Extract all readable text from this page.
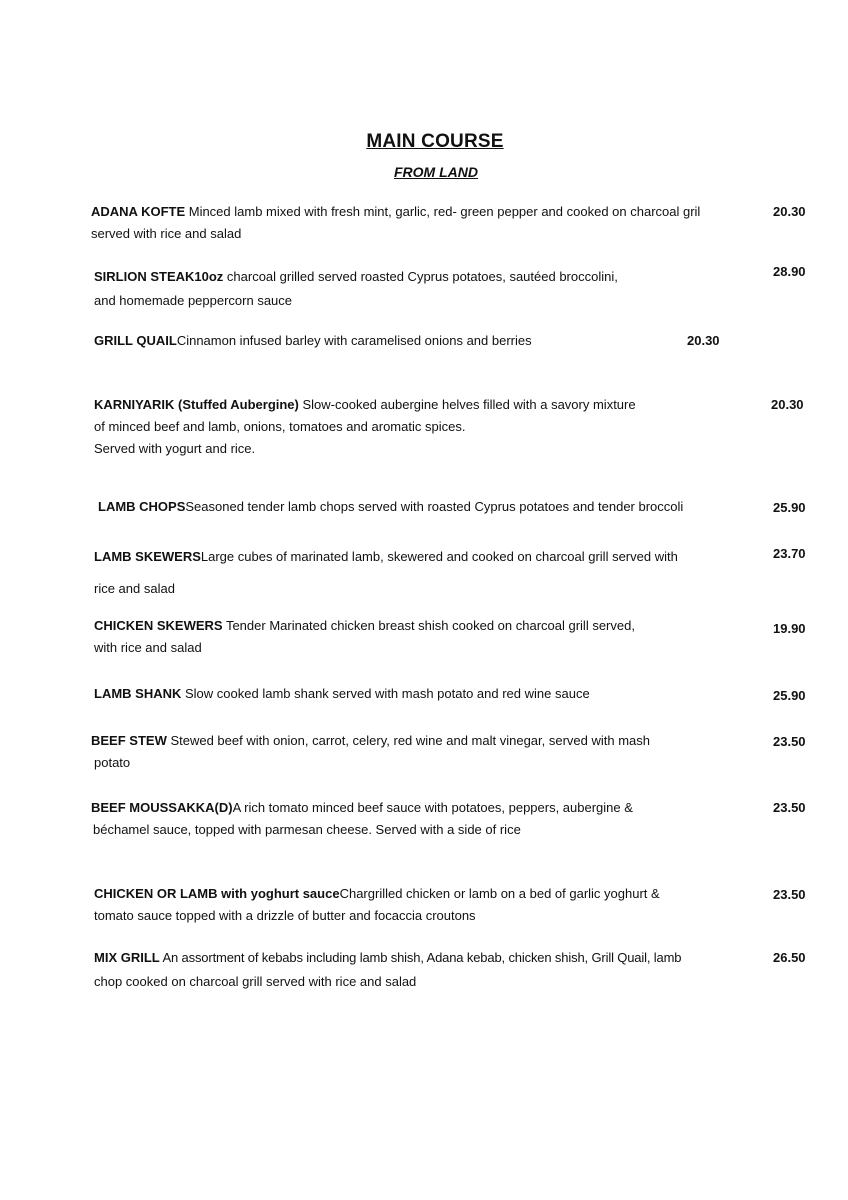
MAIN COURSE
FROM LAND
ADANA KOFTE Minced lamb mixed with fresh mint, garlic, red- green pepper and cooked on charcoal gril
served with rice and salad
20.30
SIRLION STEAK10oz charcoal grilled served roasted Cyprus potatoes, sautéed broccolini,
and homemade peppercorn sauce
28.90
GRILL QUAILCinnamon infused barley with caramelised onions and berries	20.30
KARNIYARIK (Stuffed Aubergine) Slow-cooked aubergine helves filled with a savory mixture
of minced beef and lamb, onions, tomatoes and aromatic spices.
Served with yogurt and rice.
20.30
LAMB CHOPSSeasoned tender lamb chops served with roasted Cyprus potatoes and tender broccoli	25.90
LAMB SKEWERSLarge cubes of marinated lamb, skewered and cooked on charcoal grill served with
rice and salad
23.70
CHICKEN SKEWERS Tender Marinated chicken breast shish cooked on charcoal grill served,
with rice and salad
19.90
LAMB SHANK Slow cooked lamb shank served with mash potato and red wine sauce	25.90
BEEF STEW Stewed beef with onion, carrot, celery, red wine and malt vinegar, served with mash
potato
23.50
BEEF MOUSSAKKA(D)A rich tomato minced beef sauce with potatoes, peppers, aubergine &
béchamel sauce, topped with parmesan cheese. Served with a side of rice
23.50
CHICKEN OR LAMB with yoghurt sauceChargrilled chicken or lamb on a bed of garlic yoghurt &
tomato sauce topped with a drizzle of butter and focaccia croutons
23.50
MIX GRILL An assortment of kebabs including lamb shish, Adana kebab, chicken shish, Grill Quail, lamb
chop cooked on charcoal grill served with rice and salad
26.50
